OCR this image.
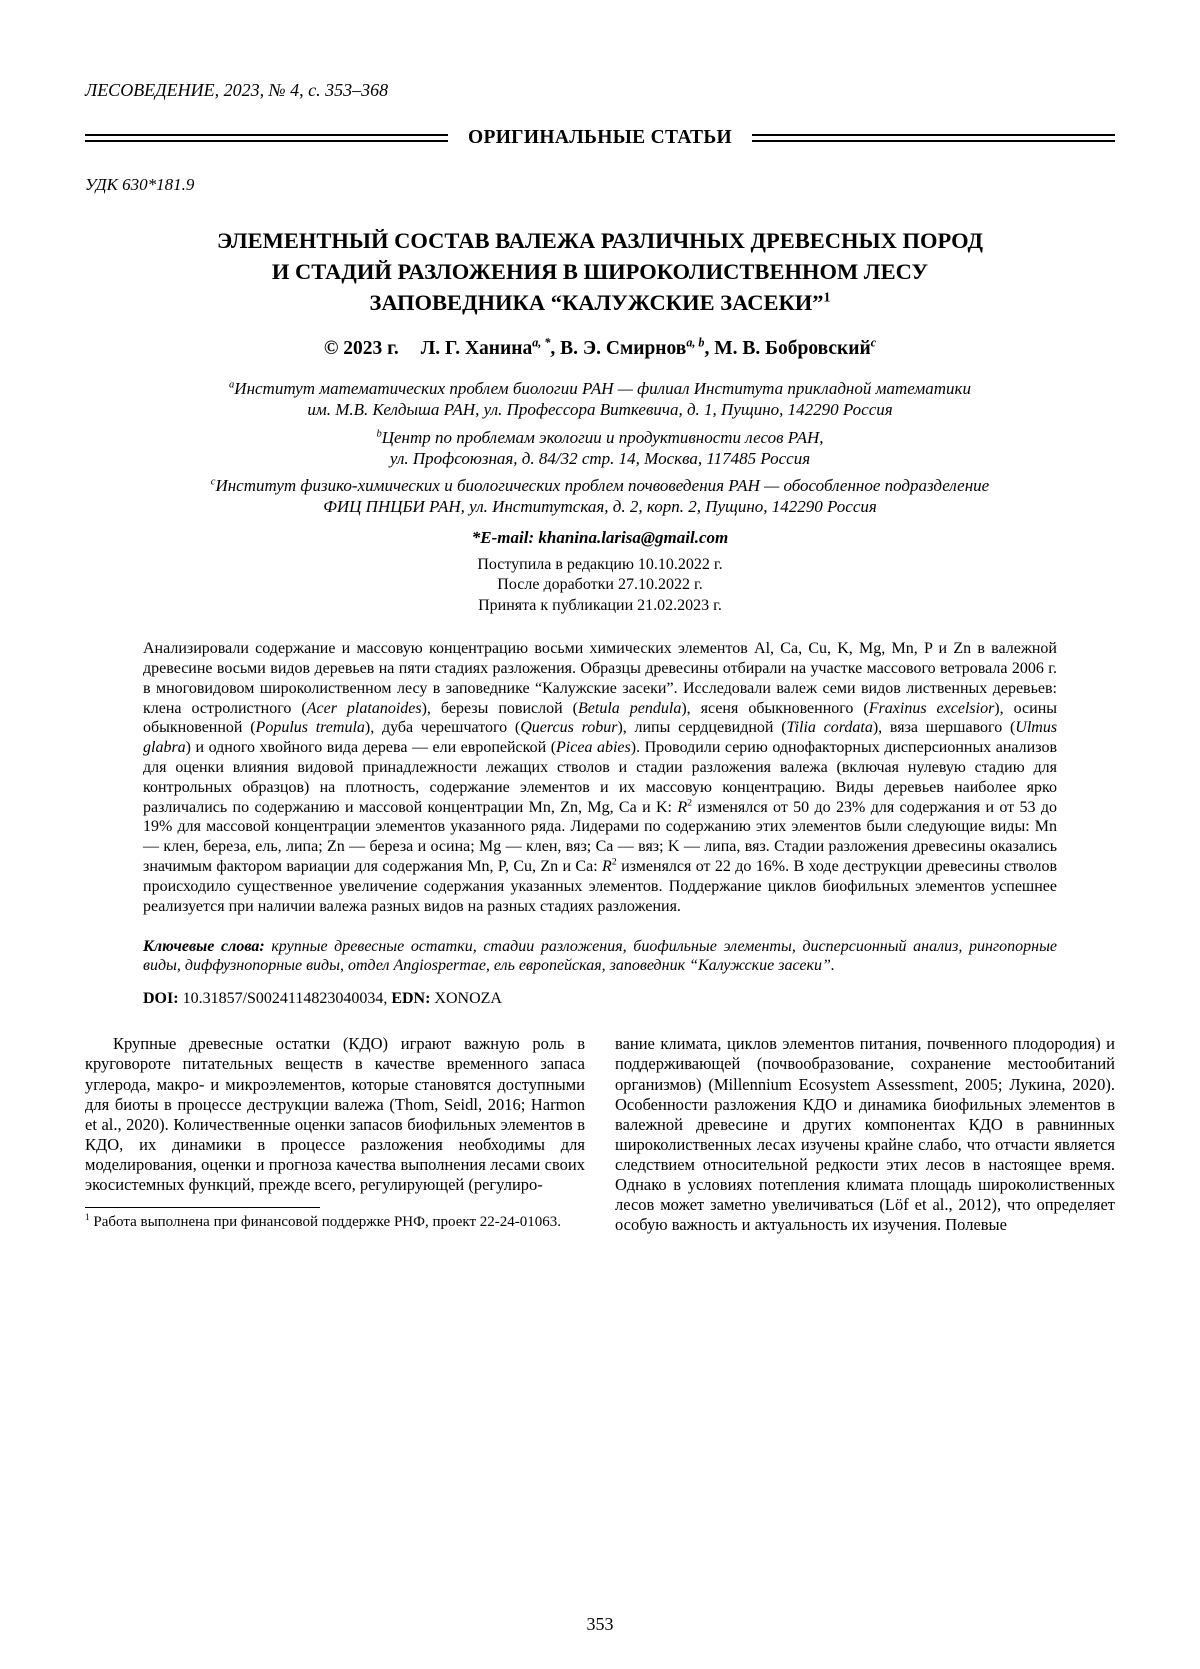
ЛЕСОВЕДЕНИЕ, 2023, № 4, с. 353–368
ОРИГИНАЛЬНЫЕ СТАТЬИ
УДК 630*181.9
ЭЛЕМЕНТНЫЙ СОСТАВ ВАЛЕЖА РАЗЛИЧНЫХ ДРЕВЕСНЫХ ПОРОД
И СТАДИЙ РАЗЛОЖЕНИЯ В ШИРОКОЛИСТВЕННОМ ЛЕСУ
ЗАПОВЕДНИКА “КАЛУЖСКИЕ ЗАСЕКИ”$^1$
© 2023 г. Л. Г. Ханина$^{a, *}$, В. Э. Смирнов$^{a, b}$, М. В. Бобровский$^c$
$^a$Институт математических проблем биологии РАН — филиал Института прикладной математики
им. М.В. Келдыша РАН, ул. Профессора Виткевича, д. 1, Пущино, 142290 Россия
$^b$Центр по проблемам экологии и продуктивности лесов РАН,
ул. Профсоюзная, д. 84/32 стр. 14, Москва, 117485 Россия
$^c$Институт физико-химических и биологических проблем почвоведения РАН — обособленное подразделение
ФИЦ ПНЦБИ РАН, ул. Институтская, д. 2, корп. 2, Пущино, 142290 Россия
*E-mail: khanina.larisa@gmail.com
Поступила в редакцию 10.10.2022 г.
После доработки 27.10.2022 г.
Принята к публикации 21.02.2023 г.

Анализировали содержание и массовую концентрацию восьми химических элементов Al, Ca, Cu, K, Mg, Mn, P и Zn в валежной древесине восьми видов деревьев на пяти стадиях разложения. Образцы древесины отбирали на участке массового ветровала 2006 г. в многовидовом широколиственном лесу в заповеднике “Калужские засеки”. Исследовали валеж семи видов лиственных деревьев: клена остролистного (Acer platanoides), березы повислой (Betula pendula), ясеня обыкновенного (Fraxinus excelsior), осины обыкновенной (Populus tremula), дуба черешчатого (Quercus robur), липы сердцевидной (Tilia cordata), вяза шершавого (Ulmus glabra) и одного хвойного вида дерева — ели европейской (Picea abies). Проводили серию однофакторных дисперсионных анализов для оценки влияния видовой принадлежности лежащих стволов и стадии разложения валежа (включая нулевую стадию для контрольных образцов) на плотность, содержание элементов и их массовую концентрацию. Виды деревьев наиболее ярко различались по содержанию и массовой концентрации Mn, Zn, Mg, Ca и K: $R^2$ изменялся от 50 до 23% для содержания и от 53 до 19% для массовой концентрации элементов указанного ряда. Лидерами по содержанию этих элементов были следующие виды: Mn — клен, береза, ель, липа; Zn — береза и осина; Mg — клен, вяз; Ca — вяз; K — липа, вяз. Стадии разложения древесины оказались значимым фактором вариации для содержания Mn, P, Cu, Zn и Ca: $R^2$ изменялся от 22 до 16%. В ходе деструкции древесины стволов происходило существенное увеличение содержания указанных элементов. Поддержание циклов биофильных элементов успешнее реализуется при наличии валежа разных видов на разных стадиях разложения.

Ключевые слова: крупные древесные остатки, стадии разложения, биофильные элементы, дисперсионный анализ, рингопорные виды, диффузнопорные виды, отдел Angiospermae, ель европейская, заповедник “Калужские засеки”.

DOI: 10.31857/S0024114823040034, EDN: XONOZA

Крупные древесные остатки (КДО) играют важную роль в круговороте питательных веществ в качестве временного запаса углерода, макро- и микроэлементов, которые становятся доступными для биоты в процессе деструкции валежа (Thom, Seidl, 2016; Harmon et al., 2020). Количественные оценки запасов биофильных элементов в КДО, их динамики в процессе разложения необходимы для моделирования, оценки и прогноза качества выполнения лесами своих экосистемных функций, прежде всего, регулирующей (регулиро-

$^1$ Работа выполнена при финансовой поддержке РНФ, проект 22-24-01063.

вание климата, циклов элементов питания, почвенного плодородия) и поддерживающей (почвообразование, сохранение местообитаний организмов) (Millennium Ecosystem Assessment, 2005; Лукина, 2020). Особенности разложения КДО и динамика биофильных элементов в валежной древесине и других компонентах КДО в равнинных широколиственных лесах изучены крайне слабо, что отчасти является следствием относительной редкости этих лесов в настоящее время. Однако в условиях потепления климата площадь широколиственных лесов может заметно увеличиваться (Löf et al., 2012), что определяет особую важность и актуальность их изучения. Полевые

353
